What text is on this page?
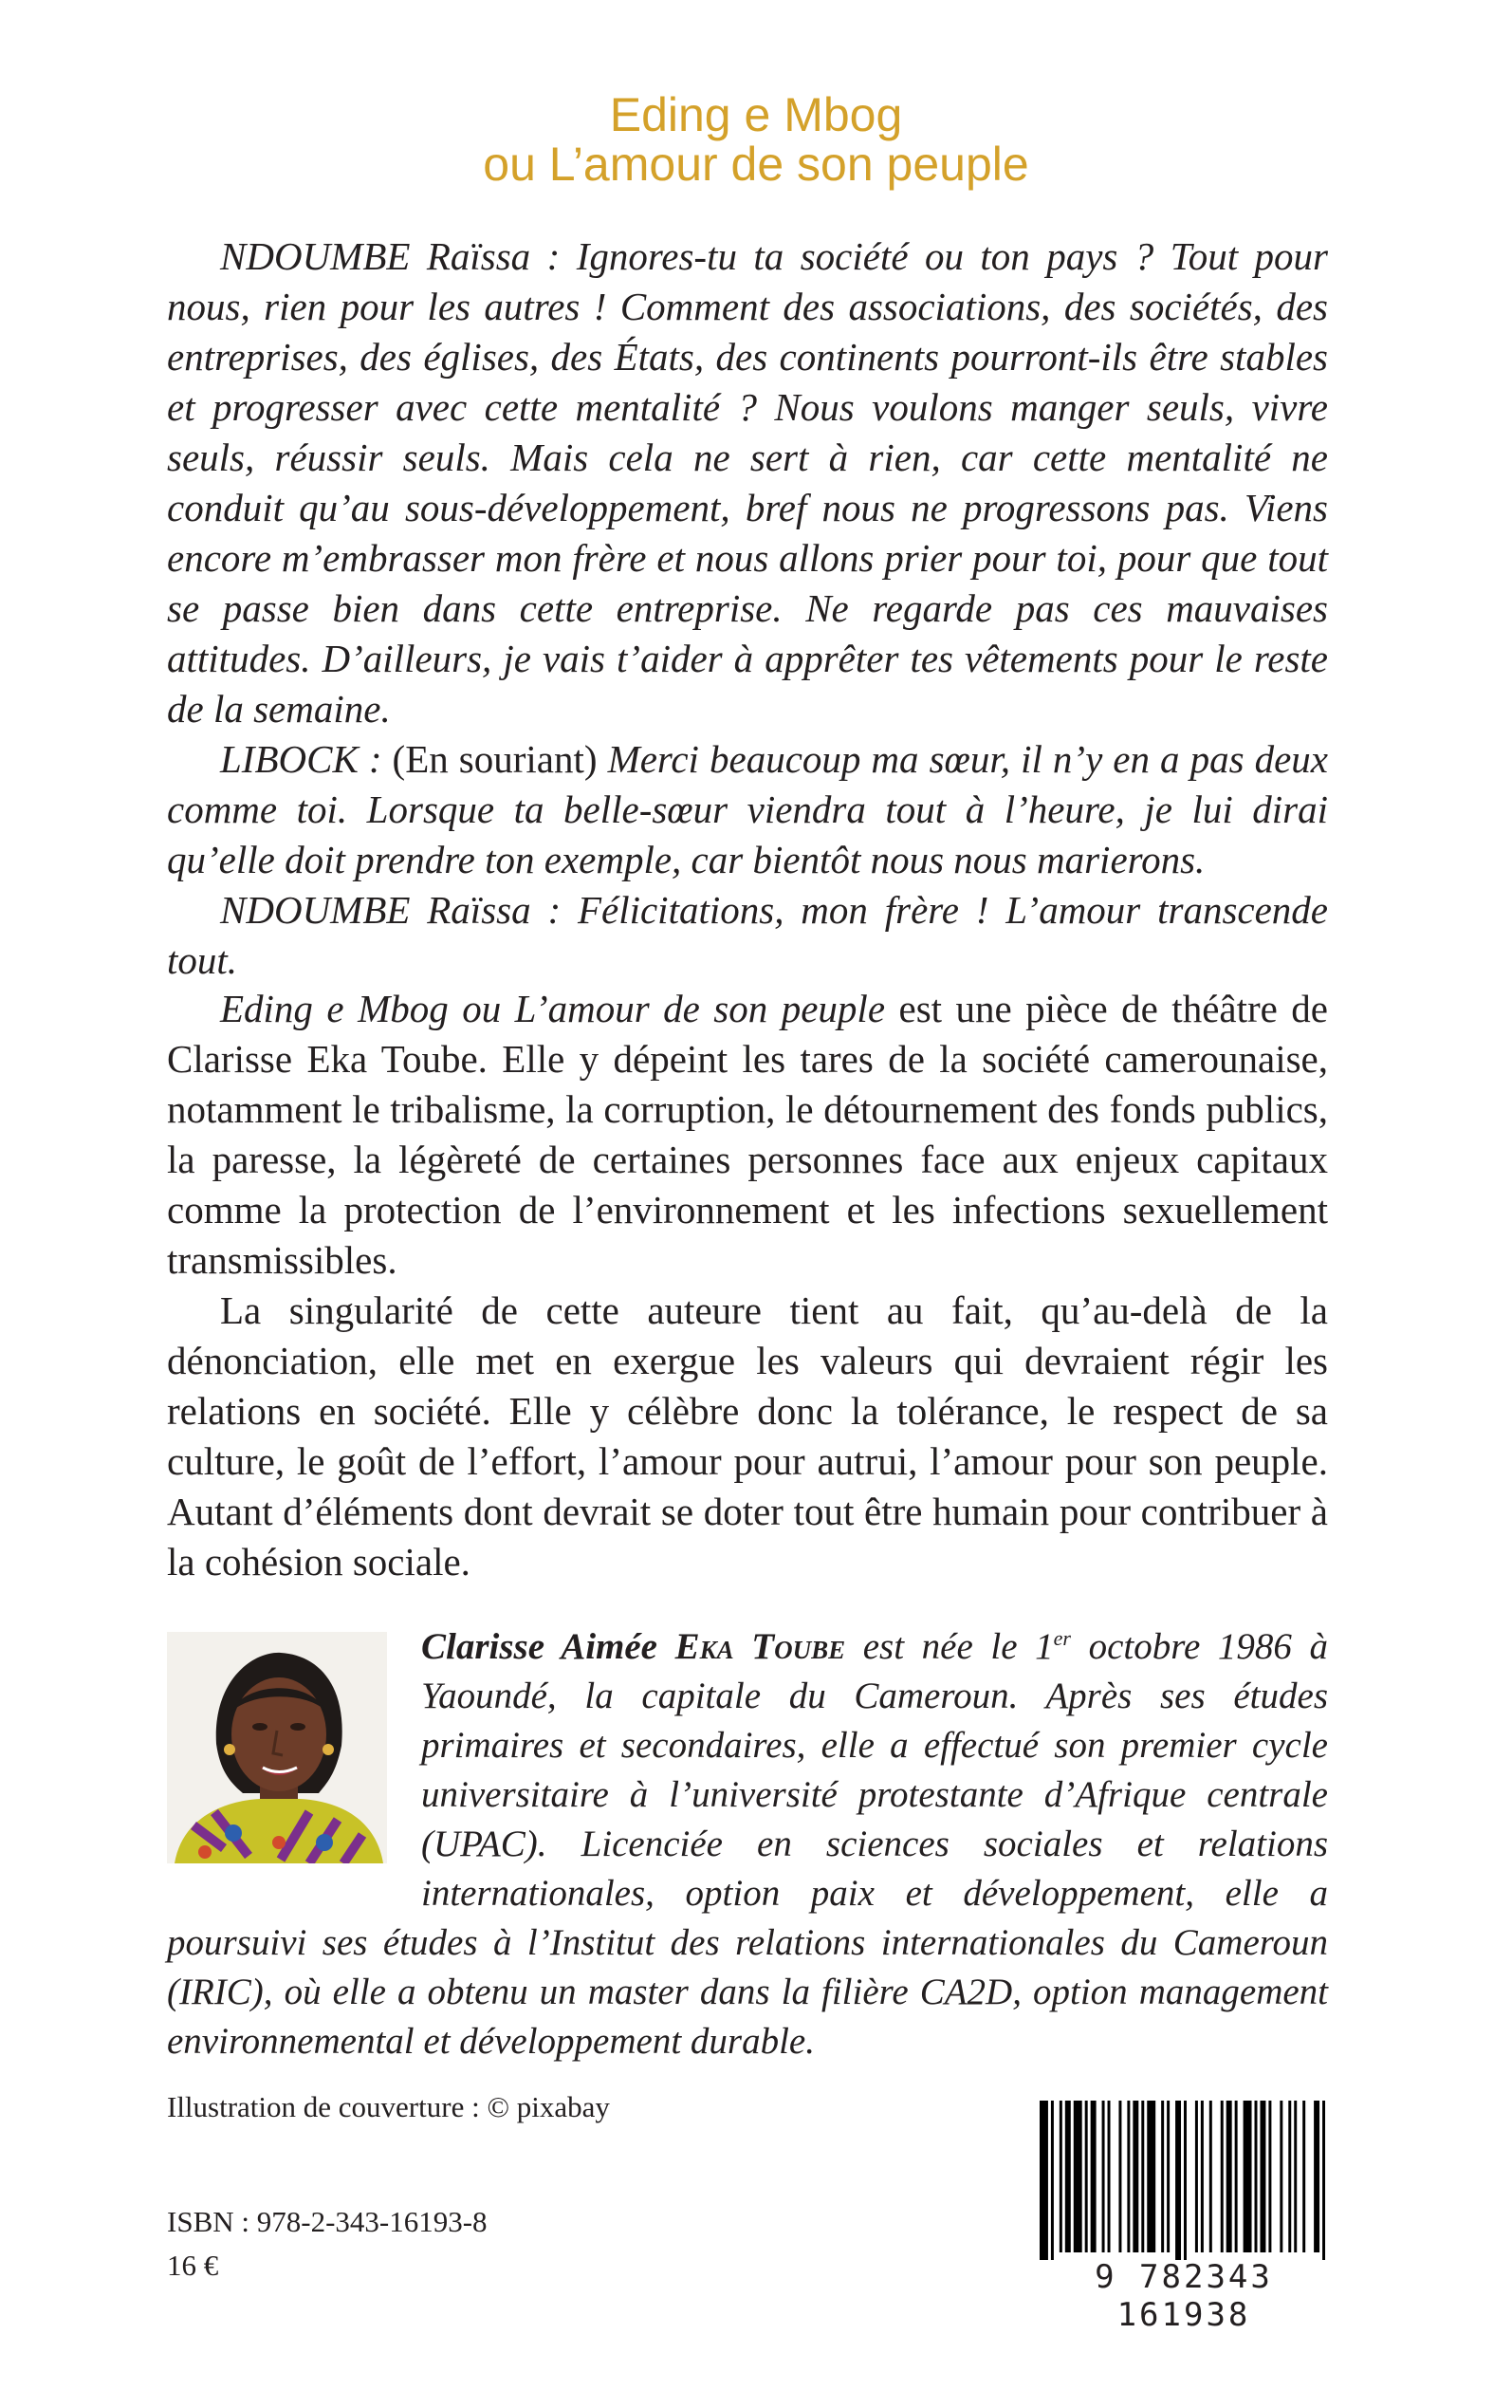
Eding e Mbog
ou L’amour de son peuple

NDOUMBE Raïssa : Ignores-tu ta société ou ton pays ? Tout pour nous, rien pour les autres ! Comment des associations, des sociétés, des entreprises, des églises, des États, des continents pourront-ils être stables et progresser avec cette mentalité ? Nous voulons manger seuls, vivre seuls, réussir seuls. Mais cela ne sert à rien, car cette mentalité ne conduit qu’au sous-développement, bref nous ne progressons pas. Viens encore m’embrasser mon frère et nous allons prier pour toi, pour que tout se passe bien dans cette entreprise. Ne regarde pas ces mauvaises attitudes. D’ailleurs, je vais t’aider à apprêter tes vêtements pour le reste de la semaine.

LIBOCK : (En souriant) Merci beaucoup ma sœur, il n’y en a pas deux comme toi. Lorsque ta belle-sœur viendra tout à l’heure, je lui dirai qu’elle doit prendre ton exemple, car bientôt nous nous marierons.

NDOUMBE Raïssa : Félicitations, mon frère ! L’amour transcende tout.

Eding e Mbog ou L’amour de son peuple est une pièce de théâtre de Clarisse Eka Toube. Elle y dépeint les tares de la société camerounaise, notamment le tribalisme, la corruption, le détournement des fonds publics, la paresse, la légèreté de certaines personnes face aux enjeux capitaux comme la protection de l’environnement et les infections sexuellement transmissibles.

La singularité de cette auteure tient au fait, qu’au-delà de la dénonciation, elle met en exergue les valeurs qui devraient régir les relations en société. Elle y célèbre donc la tolérance, le respect de sa culture, le goût de l’effort, l’amour pour autrui, l’amour pour son peuple. Autant d’éléments dont devrait se doter tout être humain pour contribuer à la cohésion sociale.

Clarisse Aimée Eka Toube est née le 1er octobre 1986 à Yaoundé, la capitale du Cameroun. Après ses études primaires et secondaires, elle a effectué son premier cycle universitaire à l’université protestante d’Afrique centrale (UPAC). Licenciée en sciences sociales et relations internationales, option paix et développement, elle a poursuivi ses études à l’Institut des relations internationales du Cameroun (IRIC), où elle a obtenu un master dans la filière CA2D, option management environnemental et développement durable.
Illustration de couverture : © pixabay
ISBN : 978-2-343-16193-8
16 €	9 782343 161938
